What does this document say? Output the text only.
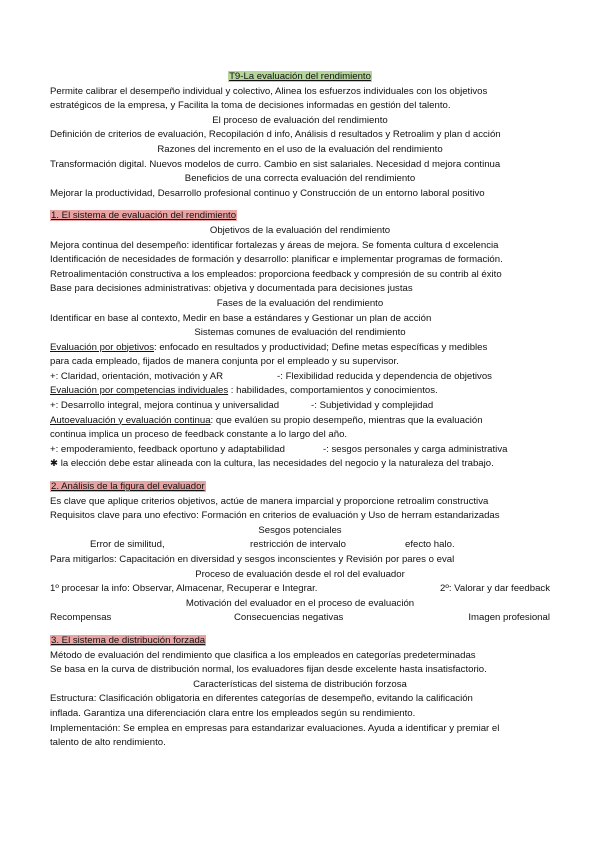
T9-La evaluación del rendimiento
Permite calibrar el desempeño individual y colectivo, Alinea los esfuerzos individuales con los objetivos
estratégicos de la empresa, y Facilita la toma de decisiones informadas en gestión del talento.
El proceso de evaluación del rendimiento
Definición de criterios de evaluación, Recopilación d info, Análisis d resultados y Retroalim y plan d acción
Razones del incremento en el uso de la evaluación del rendimiento
Transformación digital. Nuevos modelos de curro. Cambio en sist salariales. Necesidad d mejora continua
Beneficios de una correcta evaluación del rendimiento
Mejorar la productividad, Desarrollo profesional continuo y Construcción de un entorno laboral positivo
1. El sistema de evaluación del rendimiento
Objetivos de la evaluación del rendimiento
Mejora continua del desempeño: identificar fortalezas y áreas de mejora. Se fomenta cultura d excelencia
Identificación de necesidades de formación y desarrollo: planificar e implementar programas de formación.
Retroalimentación constructiva a los empleados: proporciona feedback y compresión de su contrib al éxito
Base para decisiones administrativas: objetiva y documentada para decisiones justas
Fases de la evaluación del rendimiento
Identificar en base al contexto, Medir en base a estándares y Gestionar un plan de acción
Sistemas comunes de evaluación del rendimiento
Evaluación por objetivos: enfocado en resultados y productividad; Define metas específicas y medibles
para cada empleado, fijados de manera conjunta por el empleado y su supervisor.
+: Claridad, orientación, motivación y AR	-: Flexibilidad reducida y dependencia de objetivos
Evaluación por competencias individuales : habilidades, comportamientos y conocimientos.
+: Desarrollo integral, mejora continua y universalidad	-: Subjetividad y complejidad
Autoevaluación y evaluación continua: que evalúen su propio desempeño, mientras que la evaluación
continua implica un proceso de feedback constante a lo largo del año.
+: empoderamiento, feedback oportuno y adaptabilidad	-: sesgos personales y carga administrativa
✱ la elección debe estar alineada con la cultura, las necesidades del negocio y la naturaleza del trabajo.
2. Análisis de la figura del evaluador
Es clave que aplique criterios objetivos, actúe de manera imparcial y proporcione retroalim constructiva
Requisitos clave para uno efectivo: Formación en criterios de evaluación y Uso de herram estandarizadas
Sesgos potenciales
Error de similitud,	restricción de intervalo	efecto halo.
Para mitigarlos: Capacitación en diversidad y sesgos inconscientes y Revisión por pares o eval
Proceso de evaluación desde el rol del evaluador
1º procesar la info: Observar, Almacenar, Recuperar e Integrar.	2º: Valorar y dar feedback
Motivación del evaluador en el proceso de evaluación
Recompensas	Consecuencias negativas	Imagen profesional
3. El sistema de distribución forzada
Método de evaluación del rendimiento que clasifica a los empleados en categorías predeterminadas
Se basa en la curva de distribución normal, los evaluadores fijan desde excelente hasta insatisfactorio.
Características del sistema de distribución forzosa
Estructura: Clasificación obligatoria en diferentes categorías de desempeño, evitando la calificación
inflada. Garantiza una diferenciación clara entre los empleados según su rendimiento.
Implementación: Se emplea en empresas para estandarizar evaluaciones. Ayuda a identificar y premiar el
talento de alto rendimiento.
